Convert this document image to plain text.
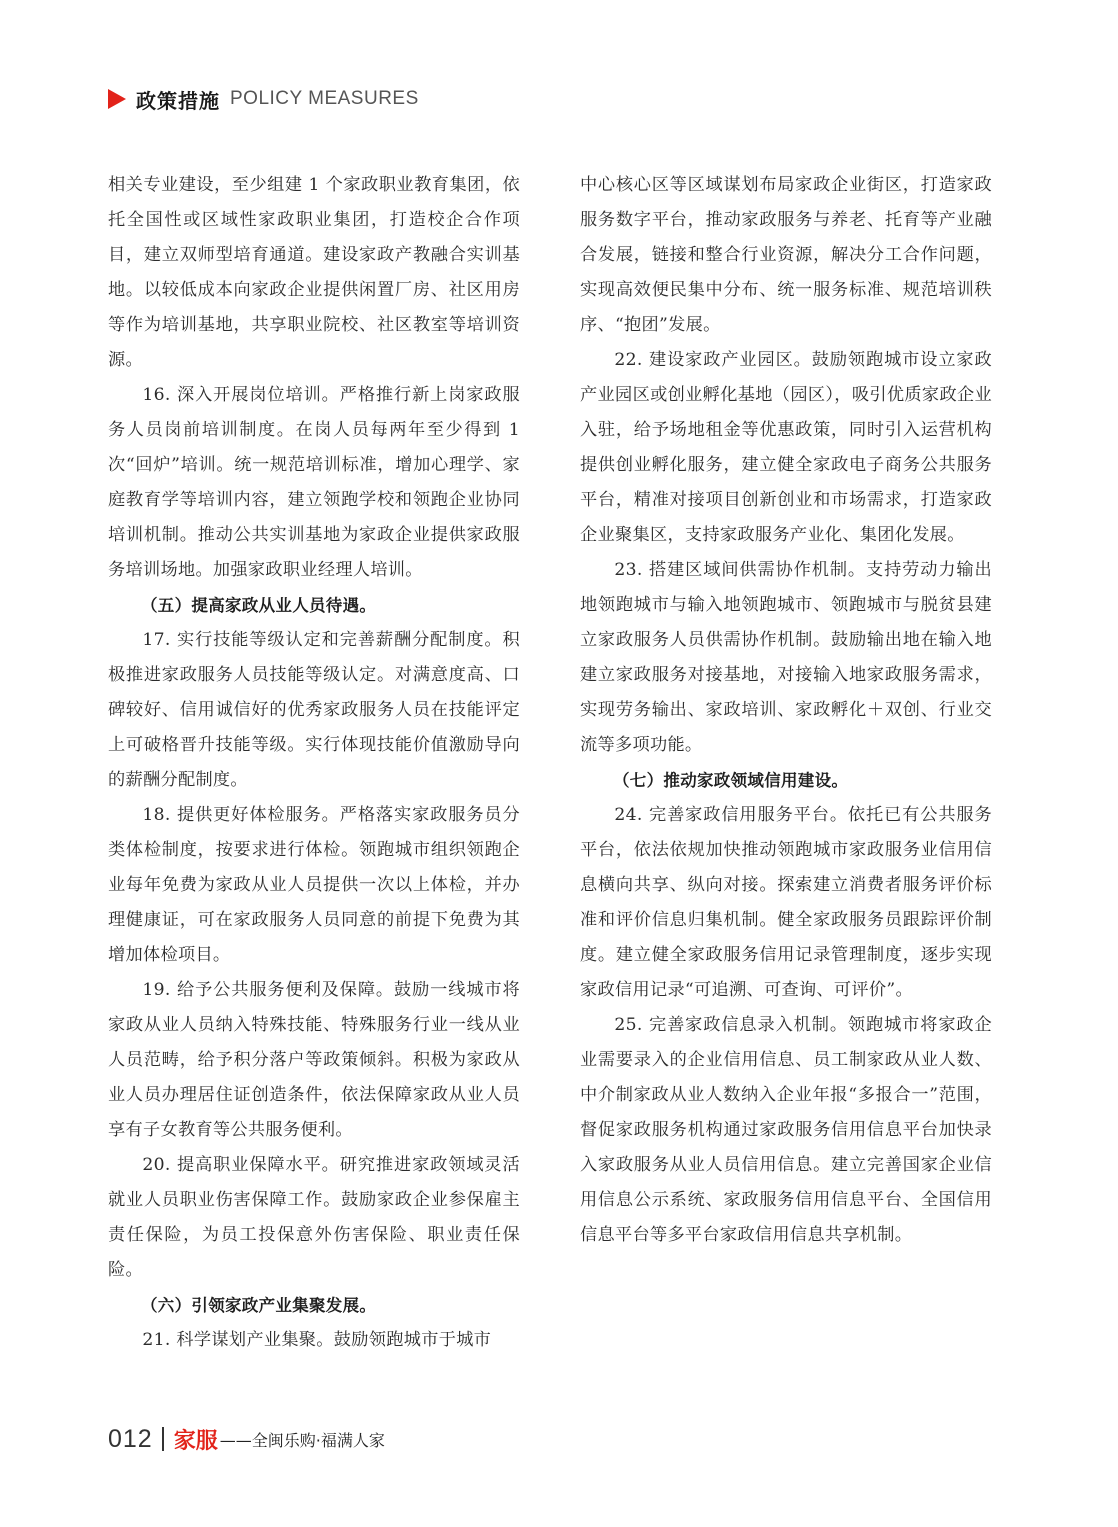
政策措施 POLICY MEASURES

相关专业建设，至少组建 1 个家政职业教育集团，依托全国性或区域性家政职业集团，打造校企合作项目，建立双师型培育通道。建设家政产教融合实训基地。以较低成本向家政企业提供闲置厂房、社区用房等作为培训基地，共享职业院校、社区教室等培训资源。

16. 深入开展岗位培训。严格推行新上岗家政服务人员岗前培训制度。在岗人员每两年至少得到 1 次“回炉”培训。统一规范培训标准，增加心理学、家庭教育学等培训内容，建立领跑学校和领跑企业协同培训机制。推动公共实训基地为家政企业提供家政服务培训场地。加强家政职业经理人培训。

（五）提高家政从业人员待遇。

17. 实行技能等级认定和完善薪酬分配制度。积极推进家政服务人员技能等级认定。对满意度高、口碑较好、信用诚信好的优秀家政服务人员在技能评定上可破格晋升技能等级。实行体现技能价值激励导向的薪酬分配制度。

18. 提供更好体检服务。严格落实家政服务员分类体检制度，按要求进行体检。领跑城市组织领跑企业每年免费为家政从业人员提供一次以上体检，并办理健康证，可在家政服务人员同意的前提下免费为其增加体检项目。

19. 给予公共服务便利及保障。鼓励一线城市将家政从业人员纳入特殊技能、特殊服务行业一线从业人员范畴，给予积分落户等政策倾斜。积极为家政从业人员办理居住证创造条件，依法保障家政从业人员享有子女教育等公共服务便利。

20. 提高职业保障水平。研究推进家政领域灵活就业人员职业伤害保障工作。鼓励家政企业参保雇主责任保险，为员工投保意外伤害保险、职业责任保险。

（六）引领家政产业集聚发展。

21. 科学谋划产业集聚。鼓励领跑城市于城市

中心核心区等区域谋划布局家政企业街区，打造家政服务数字平台，推动家政服务与养老、托育等产业融合发展，链接和整合行业资源，解决分工合作问题，实现高效便民集中分布、统一服务标准、规范培训秩序、“抱团”发展。

22. 建设家政产业园区。鼓励领跑城市设立家政产业园区或创业孵化基地（园区），吸引优质家政企业入驻，给予场地租金等优惠政策，同时引入运营机构提供创业孵化服务，建立健全家政电子商务公共服务平台，精准对接项目创新创业和市场需求，打造家政企业聚集区，支持家政服务产业化、集团化发展。

23. 搭建区域间供需协作机制。支持劳动力输出地领跑城市与输入地领跑城市、领跑城市与脱贫县建立家政服务人员供需协作机制。鼓励输出地在输入地建立家政服务对接基地，对接输入地家政服务需求，实现劳务输出、家政培训、家政孵化＋双创、行业交流等多项功能。

（七）推动家政领域信用建设。

24. 完善家政信用服务平台。依托已有公共服务平台，依法依规加快推动领跑城市家政服务业信用信息横向共享、纵向对接。探索建立消费者服务评价标准和评价信息归集机制。健全家政服务员跟踪评价制度。建立健全家政服务信用记录管理制度，逐步实现家政信用记录“可追溯、可查询、可评价”。

25. 完善家政信息录入机制。领跑城市将家政企业需要录入的企业信用信息、员工制家政从业人数、中介制家政从业人数纳入企业年报“多报合一”范围，督促家政服务机构通过家政服务信用信息平台加快录入家政服务从业人员信用信息。建立完善国家企业信用信息公示系统、家政服务信用信息平台、全国信用信息平台等多平台家政信用信息共享机制。

012 家服 ——全闽乐购·福满人家
